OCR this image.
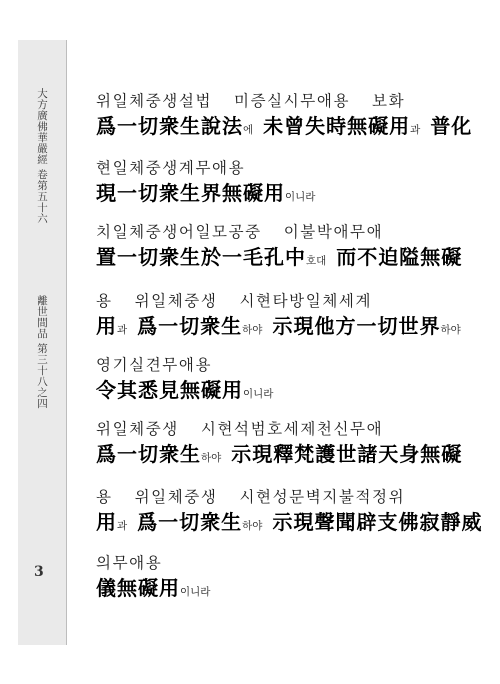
大方廣佛華嚴經 卷第五十六
離世間品 第三十八之四
3
위일체중생설법 미증실시무애용 보화
爲一切衆生說法에 未曾失時無礙用과 普化
현일체중생계무애용
現一切衆生界無礙用이니라
치일체중생어일모공중 이불박애무애
置一切衆生於一毛孔中호대 而不迫隘無礙
용 위일체중생 시현타방일체세계
用과 爲一切衆生하야 示現他方一切世界하야
영기실견무애용
令其悉見無礙用이니라
위일체중생 시현석범호세제천신무애
爲一切衆生하야 示現釋梵護世諸天身無礙
용 위일체중생 시현성문벽지불적정위
用과 爲一切衆生하야 示現聲聞辟支佛寂靜威
의무애용
儀無礙用이니라
